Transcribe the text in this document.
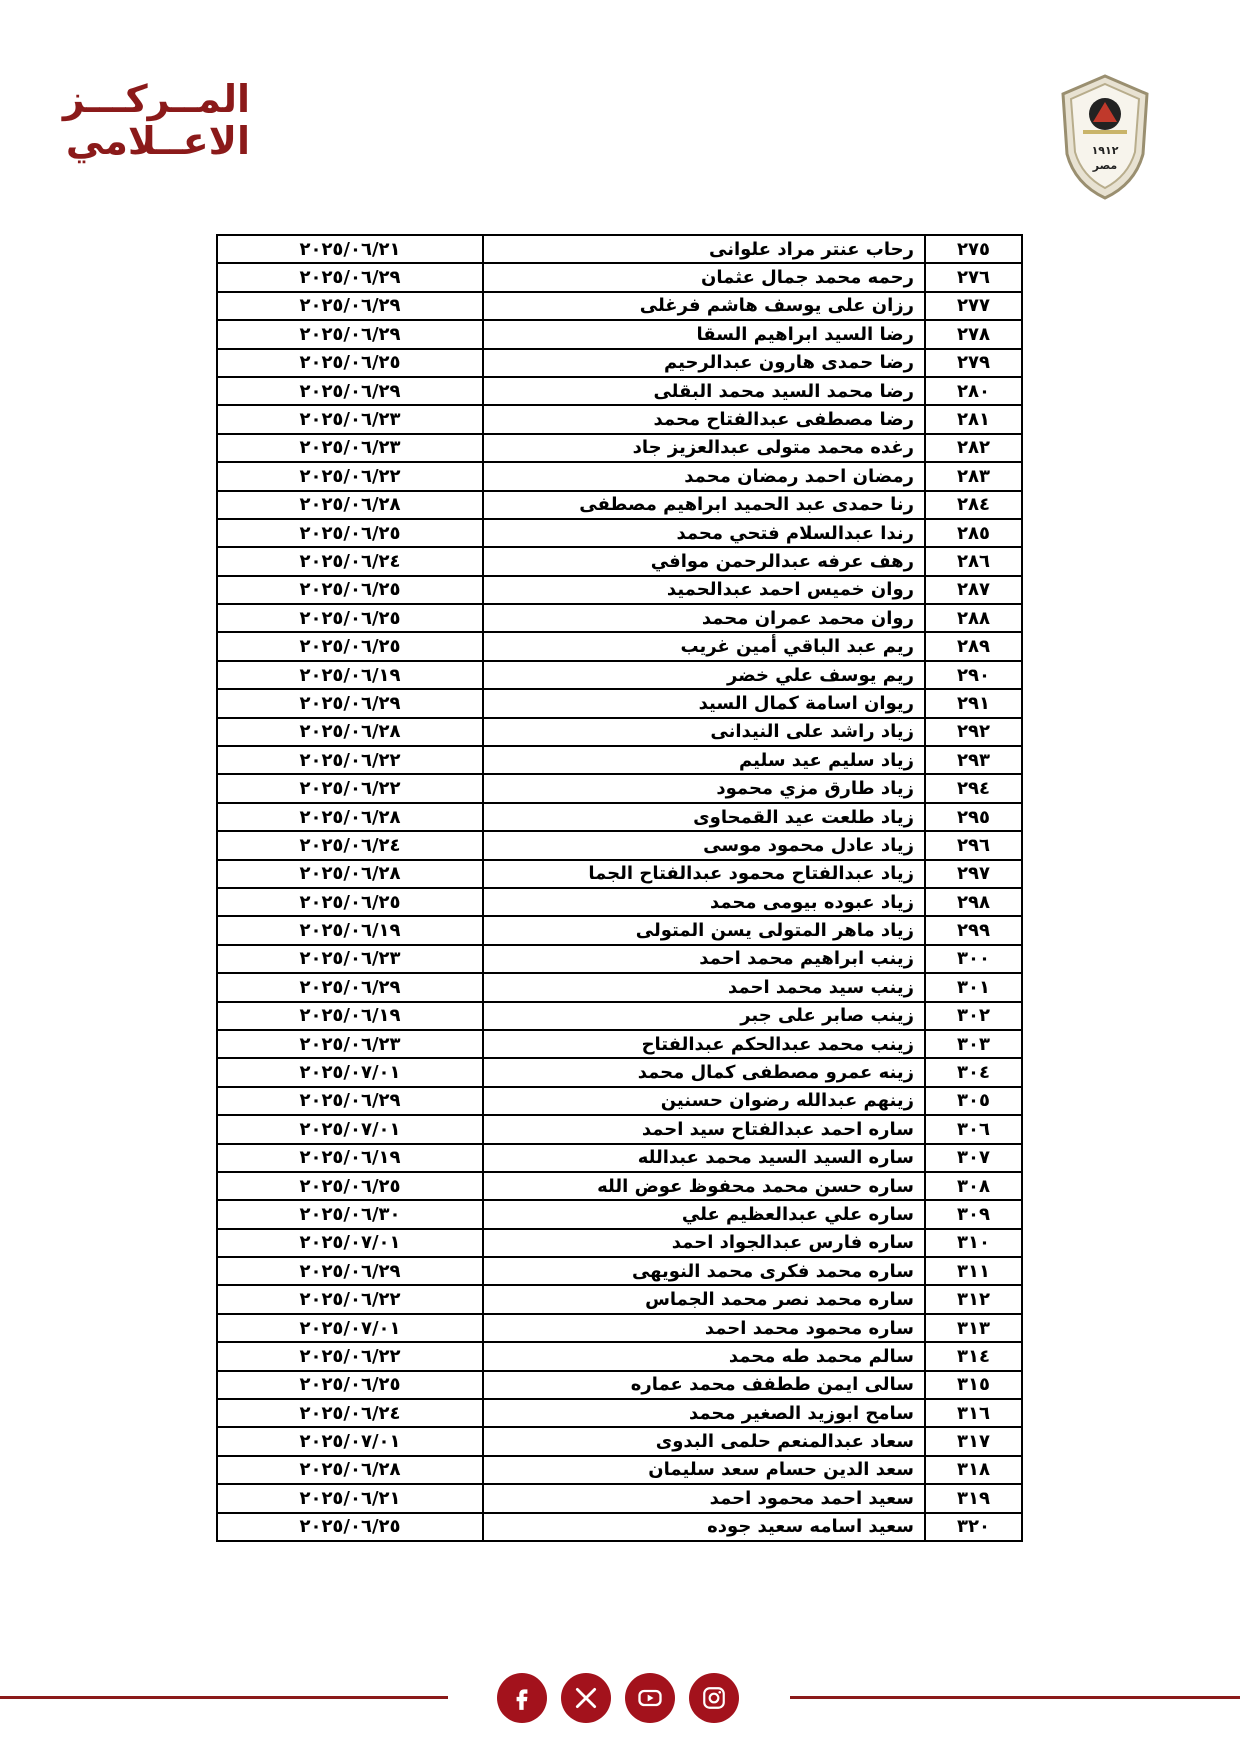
المــركـــز
الاعــلامي	١٩١٢
مصر
٢٧٥	رحاب عنتر مراد علوانى	٢٠٢٥/٠٦/٢١
٢٧٦	رحمه محمد جمال عثمان	٢٠٢٥/٠٦/٢٩
٢٧٧	رزان على يوسف هاشم فرغلى	٢٠٢٥/٠٦/٢٩
٢٧٨	رضا السيد ابراهيم السقا	٢٠٢٥/٠٦/٢٩
٢٧٩	رضا حمدى هارون عبدالرحيم	٢٠٢٥/٠٦/٢٥
٢٨٠	رضا محمد السيد محمد البقلى	٢٠٢٥/٠٦/٢٩
٢٨١	رضا مصطفى عبدالفتاح محمد	٢٠٢٥/٠٦/٢٣
٢٨٢	رغده محمد متولى عبدالعزيز جاد	٢٠٢٥/٠٦/٢٣
٢٨٣	رمضان احمد رمضان محمد	٢٠٢٥/٠٦/٢٢
٢٨٤	رنا حمدى عبد الحميد ابراهيم مصطفى	٢٠٢٥/٠٦/٢٨
٢٨٥	رندا عبدالسلام فتحي محمد	٢٠٢٥/٠٦/٢٥
٢٨٦	رهف عرفه عبدالرحمن موافي	٢٠٢٥/٠٦/٢٤
٢٨٧	روان خميس احمد عبدالحميد	٢٠٢٥/٠٦/٢٥
٢٨٨	روان محمد عمران محمد	٢٠٢٥/٠٦/٢٥
٢٨٩	ريم عبد الباقي أمين غريب	٢٠٢٥/٠٦/٢٥
٢٩٠	ريم يوسف علي خضر	٢٠٢٥/٠٦/١٩
٢٩١	ريوان اسامة كمال السيد	٢٠٢٥/٠٦/٢٩
٢٩٢	زياد راشد على النيدانى	٢٠٢٥/٠٦/٢٨
٢٩٣	زياد سليم عيد سليم	٢٠٢٥/٠٦/٢٢
٢٩٤	زياد طارق مزي محمود	٢٠٢٥/٠٦/٢٢
٢٩٥	زياد طلعت عيد القمحاوى	٢٠٢٥/٠٦/٢٨
٢٩٦	زياد عادل محمود موسى	٢٠٢٥/٠٦/٢٤
٢٩٧	زياد عبدالفتاح محمود عبدالفتاح الجما	٢٠٢٥/٠٦/٢٨
٢٩٨	زياد عبوده بيومى محمد	٢٠٢٥/٠٦/٢٥
٢٩٩	زياد ماهر المتولى يسن المتولى	٢٠٢٥/٠٦/١٩
٣٠٠	زينب ابراهيم محمد احمد	٢٠٢٥/٠٦/٢٣
٣٠١	زينب سيد محمد احمد	٢٠٢٥/٠٦/٢٩
٣٠٢	زينب صابر على جبر	٢٠٢٥/٠٦/١٩
٣٠٣	زينب محمد عبدالحكم عبدالفتاح	٢٠٢٥/٠٦/٢٣
٣٠٤	زينه عمرو مصطفى كمال محمد	٢٠٢٥/٠٧/٠١
٣٠٥	زينهم عبدالله رضوان حسنين	٢٠٢٥/٠٦/٢٩
٣٠٦	ساره احمد عبدالفتاح سيد احمد	٢٠٢٥/٠٧/٠١
٣٠٧	ساره السيد السيد محمد عبدالله	٢٠٢٥/٠٦/١٩
٣٠٨	ساره حسن محمد محفوظ عوض الله	٢٠٢٥/٠٦/٢٥
٣٠٩	ساره علي عبدالعظيم علي	٢٠٢٥/٠٦/٣٠
٣١٠	ساره فارس عبدالجواد احمد	٢٠٢٥/٠٧/٠١
٣١١	ساره محمد فكرى محمد النويهى	٢٠٢٥/٠٦/٢٩
٣١٢	ساره محمد نصر محمد الجماس	٢٠٢٥/٠٦/٢٢
٣١٣	ساره محمود محمد احمد	٢٠٢٥/٠٧/٠١
٣١٤	سالم محمد طه محمد	٢٠٢٥/٠٦/٢٢
٣١٥	سالى ايمن ططفف محمد عماره	٢٠٢٥/٠٦/٢٥
٣١٦	سامح ابوزيد الصغير محمد	٢٠٢٥/٠٦/٢٤
٣١٧	سعاد عبدالمنعم حلمى البدوى	٢٠٢٥/٠٧/٠١
٣١٨	سعد الدين حسام سعد سليمان	٢٠٢٥/٠٦/٢٨
٣١٩	سعيد احمد محمود احمد	٢٠٢٥/٠٦/٢١
٣٢٠	سعيد اسامه سعيد جوده	٢٠٢٥/٠٦/٢٥
